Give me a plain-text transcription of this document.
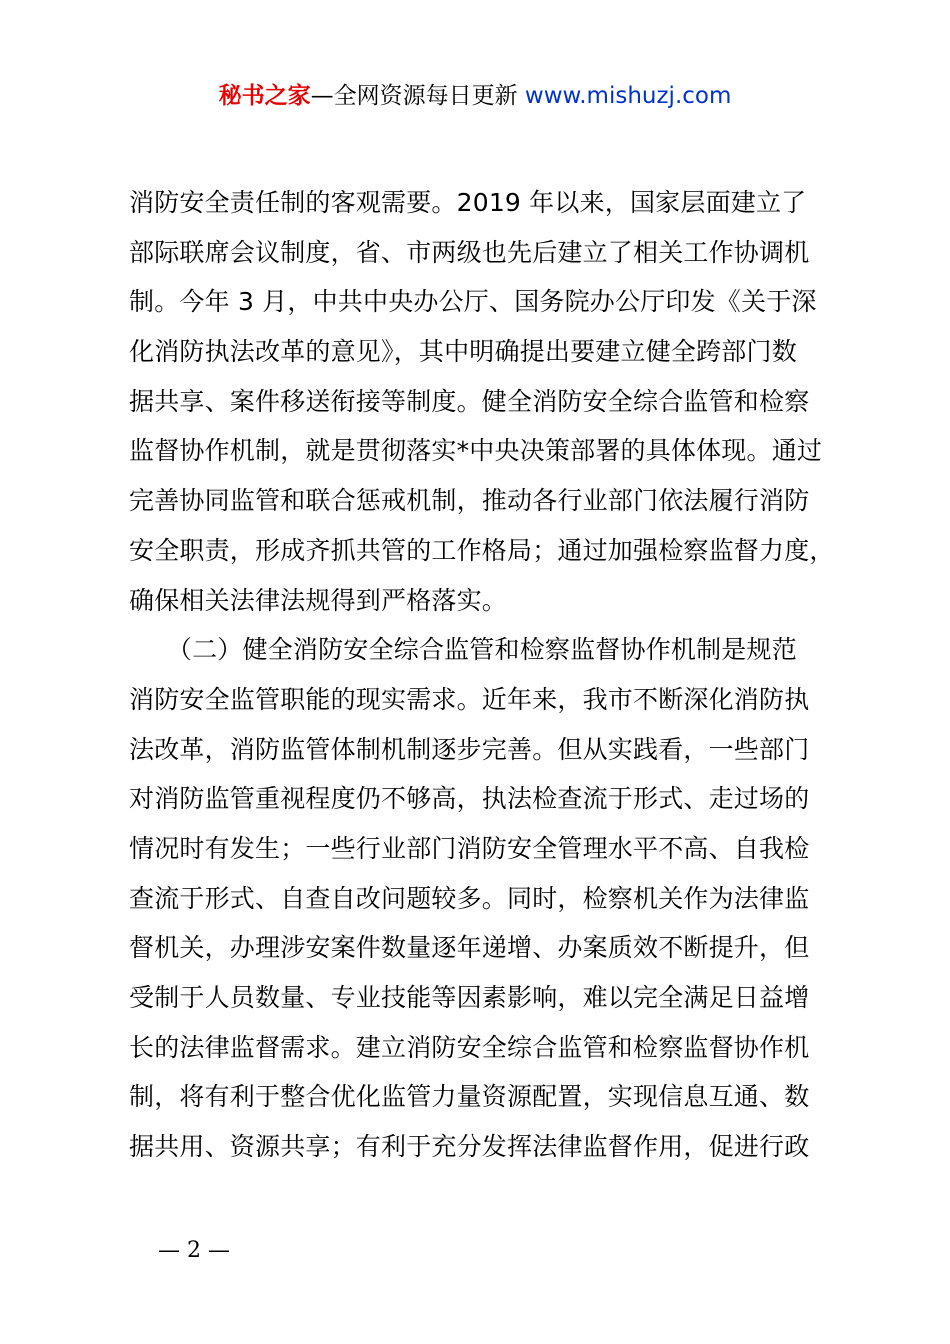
秘书之家—全网资源每日更新 www.mishuzj.com
消防安全责任制的客观需要。2019 年以来，国家层面建立了
部际联席会议制度，省、市两级也先后建立了相关工作协调机
制。今年 3 月，中共中央办公厅、国务院办公厅印发《关于深
化消防执法改革的意见》，其中明确提出要建立健全跨部门数
据共享、案件移送衔接等制度。健全消防安全综合监管和检察
监督协作机制，就是贯彻落实*中央决策部署的具体体现。通过
完善协同监管和联合惩戒机制，推动各行业部门依法履行消防
安全职责，形成齐抓共管的工作格局；通过加强检察监督力度，
确保相关法律法规得到严格落实。
　　（二）健全消防安全综合监管和检察监督协作机制是规范
消防安全监管职能的现实需求。近年来，我市不断深化消防执
法改革，消防监管体制机制逐步完善。但从实践看，一些部门
对消防监管重视程度仍不够高，执法检查流于形式、走过场的
情况时有发生；一些行业部门消防安全管理水平不高、自我检
查流于形式、自查自改问题较多。同时，检察机关作为法律监
督机关，办理涉安案件数量逐年递增、办案质效不断提升，但
受制于人员数量、专业技能等因素影响，难以完全满足日益增
长的法律监督需求。建立消防安全综合监管和检察监督协作机
制，将有利于整合优化监管力量资源配置，实现信息互通、数
据共用、资源共享；有利于充分发挥法律监督作用，促进行政
— 2 —
